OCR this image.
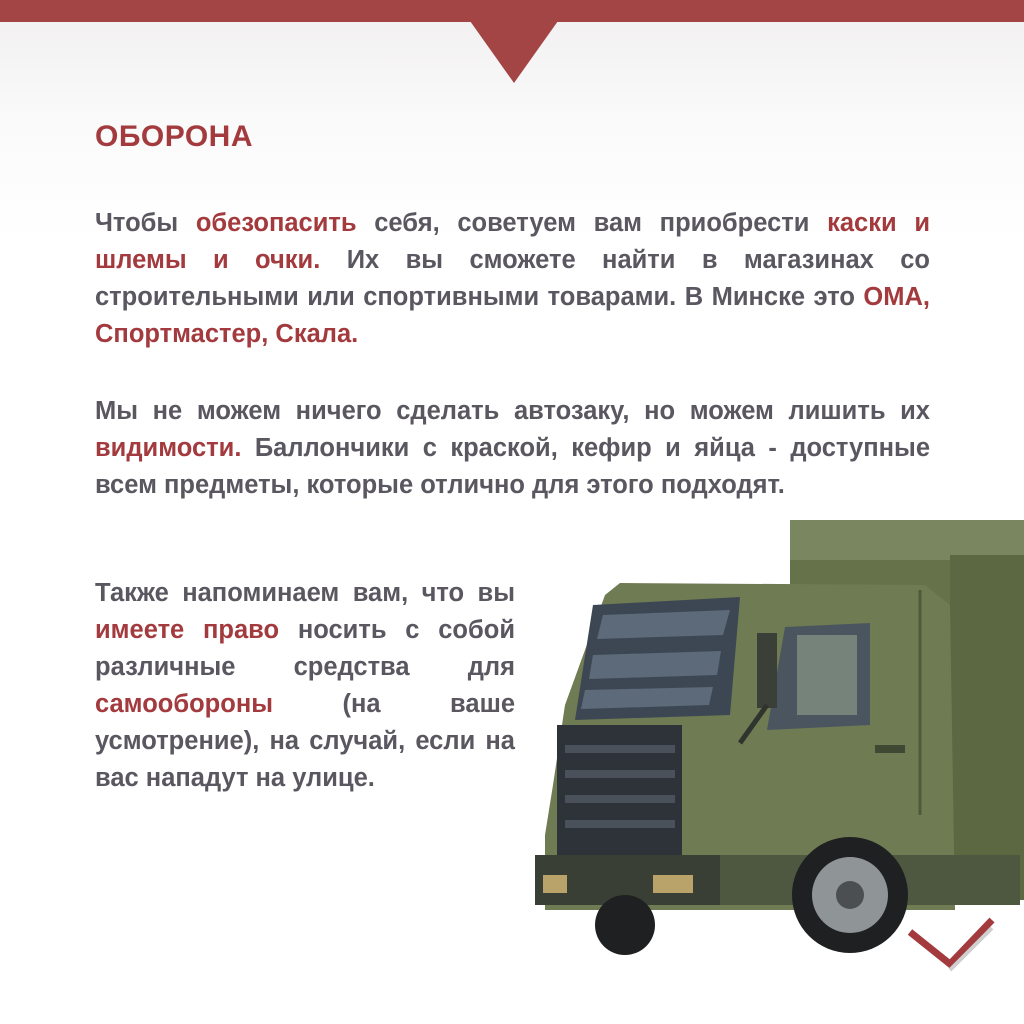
ОБОРОНА
Чтобы обезопасить себя, советуем вам приобрести каски и шлемы и очки. Их вы сможете найти в магазинах со строительными или спортивными товарами. В Минске это ОМА, Спортмастер, Скала.
Мы не можем ничего сделать автозаку, но можем лишить их видимости. Баллончики с краской, кефир и яйца - доступные всем предметы, которые отлично для этого подходят.
Также напоминаем вам, что вы имеете право носить с собой различные средства для самообороны (на ваше усмотрение), на случай, если на вас нападут на улице.
